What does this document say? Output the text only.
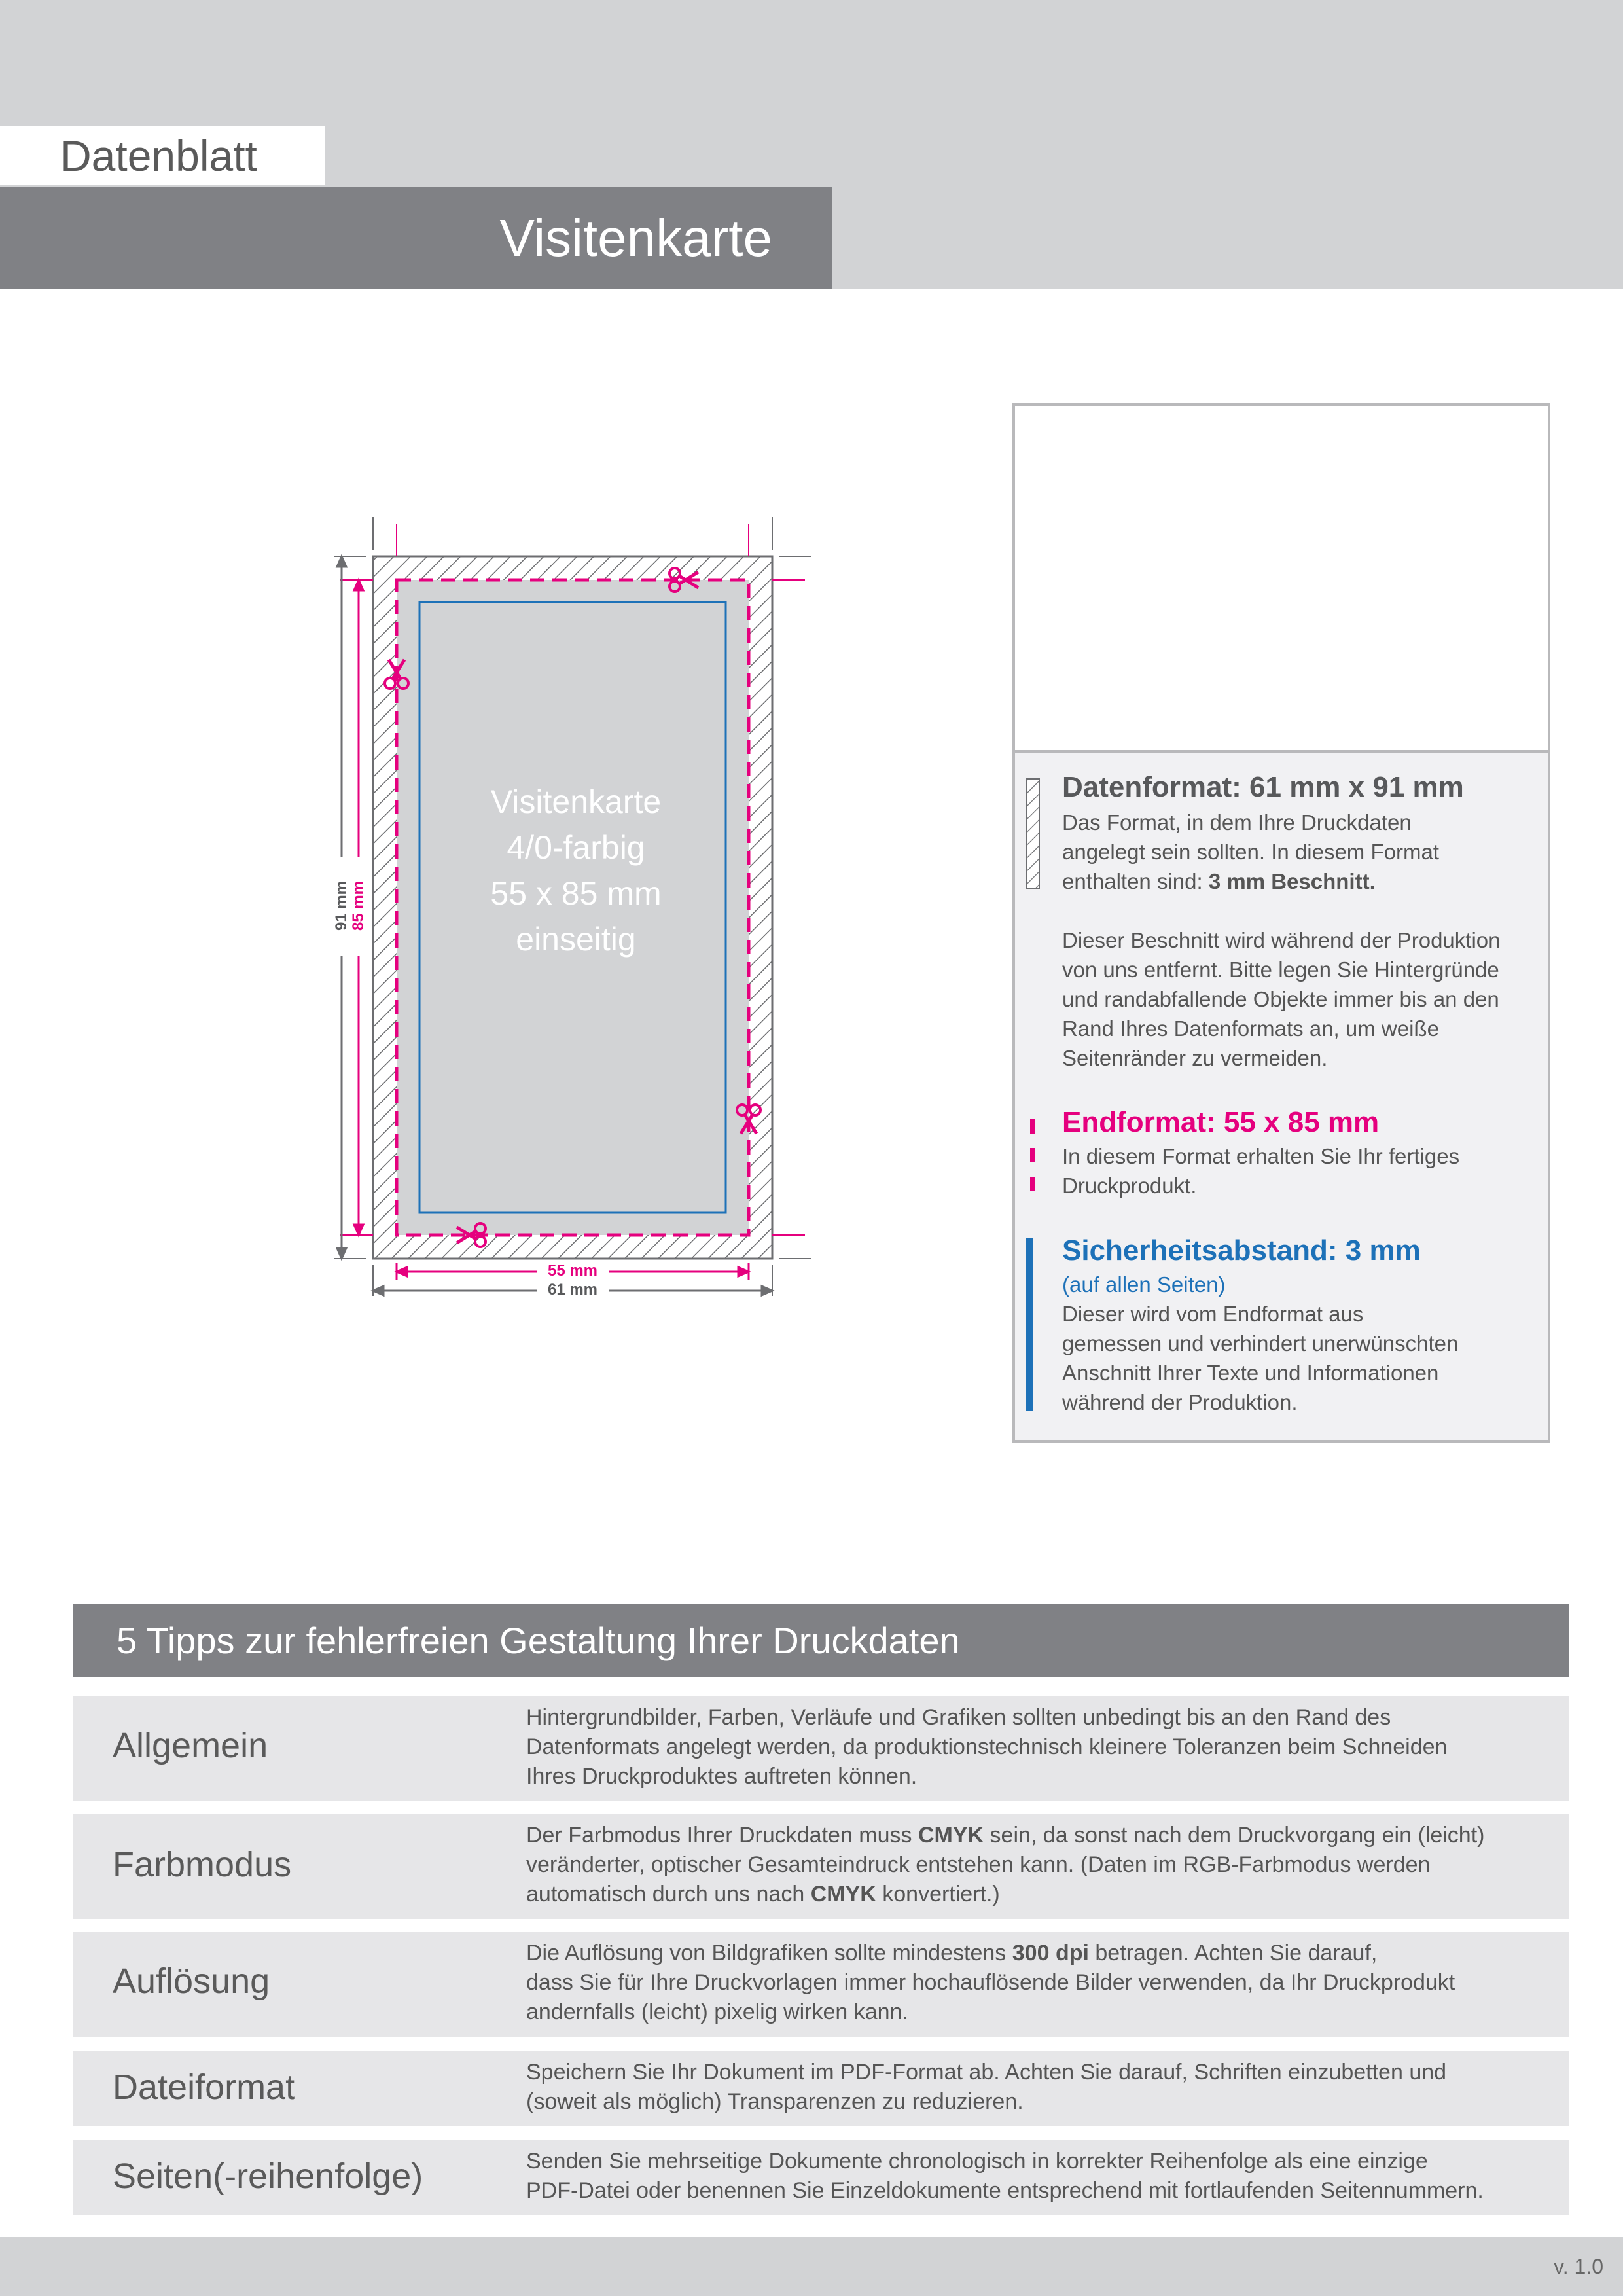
Datenblatt
Visitenkarte
Visitenkarte
4/0-farbig
55 x 85 mm
einseitig
91 mm 85 mm
55 mm
61 mm
Datenformat: 61 mm x 91 mm
Das Format, in dem Ihre Druckdaten
angelegt sein sollten. In diesem Format
enthalten sind: 3 mm Beschnitt.
Dieser Beschnitt wird während der Produktion
von uns entfernt. Bitte legen Sie Hintergründe
und randabfallende Objekte immer bis an den
Rand Ihres Datenformats an, um weiße
Seitenränder zu vermeiden.
Endformat: 55 x 85 mm
In diesem Format erhalten Sie Ihr fertiges
Druckprodukt.
Sicherheitsabstand: 3 mm
(auf allen Seiten)
Dieser wird vom Endformat aus
gemessen und verhindert unerwünschten
Anschnitt Ihrer Texte und Informationen
während der Produktion.
5 Tipps zur fehlerfreien Gestaltung Ihrer Druckdaten
Allgemein
Hintergrundbilder, Farben, Verläufe und Grafiken sollten unbedingt bis an den Rand des
Datenformats angelegt werden, da produktionstechnisch kleinere Toleranzen beim Schneiden
Ihres Druckproduktes auftreten können.
Farbmodus
Der Farbmodus Ihrer Druckdaten muss CMYK sein, da sonst nach dem Druckvorgang ein (leicht)
veränderter, optischer Gesamteindruck entstehen kann. (Daten im RGB-Farbmodus werden
automatisch durch uns nach CMYK konvertiert.)
Auflösung
Die Auflösung von Bildgrafiken sollte mindestens 300 dpi betragen. Achten Sie darauf,
dass Sie für Ihre Druckvorlagen immer hochauflösende Bilder verwenden, da Ihr Druckprodukt
andernfalls (leicht) pixelig wirken kann.
Dateiformat	Speichern Sie Ihr Dokument im PDF-Format ab. Achten Sie darauf, Schriften einzubetten und
(soweit als möglich) Transparenzen zu reduzieren.
Seiten(-reihenfolge)	Senden Sie mehrseitige Dokumente chronologisch in korrekter Reihenfolge als eine einzige
PDF-Datei oder benennen Sie Einzeldokumente entsprechend mit fortlaufenden Seitennummern.
v. 1.0
